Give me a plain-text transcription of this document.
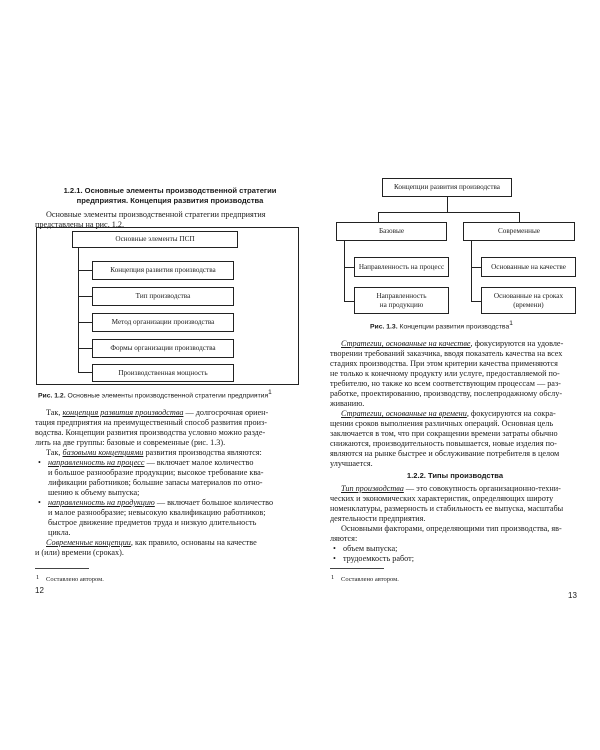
1.2.1. Основные элементы производственной стратегии
предприятия. Концепция развития производства
Основные элементы производственной стратегии предприятия
представлены на рис. 1.2.
Основные элементы ПСП
Концепция развития производства
Тип производства
Метод организации производства
Формы организации производства
Производственная мощность
Рис. 1.2. Основные элементы производственной стратегии предприятия$^1$
Так, концепция развития производства — долгосрочная ориен-
тация предприятия на преимущественный способ развития произ-
водства. Концепции развития производства условно можно разде-
лить на две группы: базовые и современные (рис. 1.3).
Так, базовыми концепциями развития производства являются:
• направленность на процесс — включает малое количество
и большое разнообразие продукции; высокое требование ква-
лификации работников; большие запасы материалов по отно-
шению к объему выпуска;
• направленность на продукцию — включает большое количество
и малое разнообразие; невысокую квалификацию работников;
быстрое движение предметов труда и низкую длительность
цикла.
Современные концепции, как правило, основаны на качестве
и (или) времени (сроках).
1 Составлено автором.
12
Концепции развития производства
Базовые	Современные
Направленность на процесс
Направленность
на продукцию
Основанные на качестве
Основанные на сроках
(времени)
Рис. 1.3. Концепции развития производства$^1$
Стратегии, основанные на качестве, фокусируются на удовле-
творении требований заказчика, вводя показатель качества на всех
стадиях производства. При этом критерии качества применяются
не только к конечному продукту или услуге, предоставляемой по-
требителю, но также ко всем соответствующим процессам — раз-
работке, проектированию, производству, послепродажному обслу-
живанию.
Стратегии, основанные на времени, фокусируются на сокра-
щении сроков выполнения различных операций. Основная цель
заключается в том, что при сокращении времени затраты обычно
снижаются, производительность повышается, новые изделия по-
являются на рынке быстрее и обслуживание потребителя в целом
улучшается.
1.2.2. Типы производства
Тип производства — это совокупность организационно-техни-
ческих и экономических характеристик, определяющих широту
номенклатуры, размерность и стабильность ее выпуска, масштабы
деятельности предприятия.
Основными факторами, определяющими тип производства, яв-
ляются:
• объем выпуска;
• трудоемкость работ;
1 Составлено автором.
13
